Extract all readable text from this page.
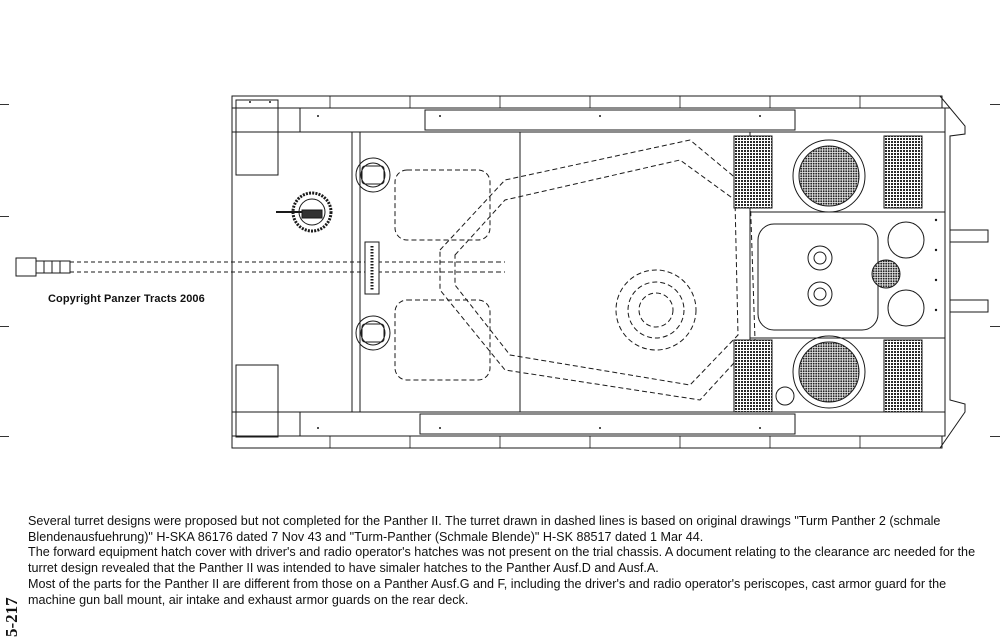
Copyright Panzer Tracts 2006

Several turret designs were proposed but not completed for the Panther II. The turret drawn in dashed lines is based on original drawings "Turm Panther 2 (schmale Blendenausfuehrung)" H-SKA 86176 dated 7 Nov 43 and "Turm-Panther (Schmale Blende)" H-SK 88517 dated 1 Mar 44.

The forward equipment hatch cover with driver's and radio operator's hatches was not present on the trial chassis. A document relating to the clearance arc needed for the turret design revealed that the Panther II was intended to have simaler hatches to the Panther Ausf.D and Ausf.A.

Most of the parts for the Panther II are different from those on a Panther Ausf.G and F, including the driver's and radio operator's periscopes, cast armor guard for the machine gun ball mount, air intake and exhaust armor guards on the rear deck.

5-217
